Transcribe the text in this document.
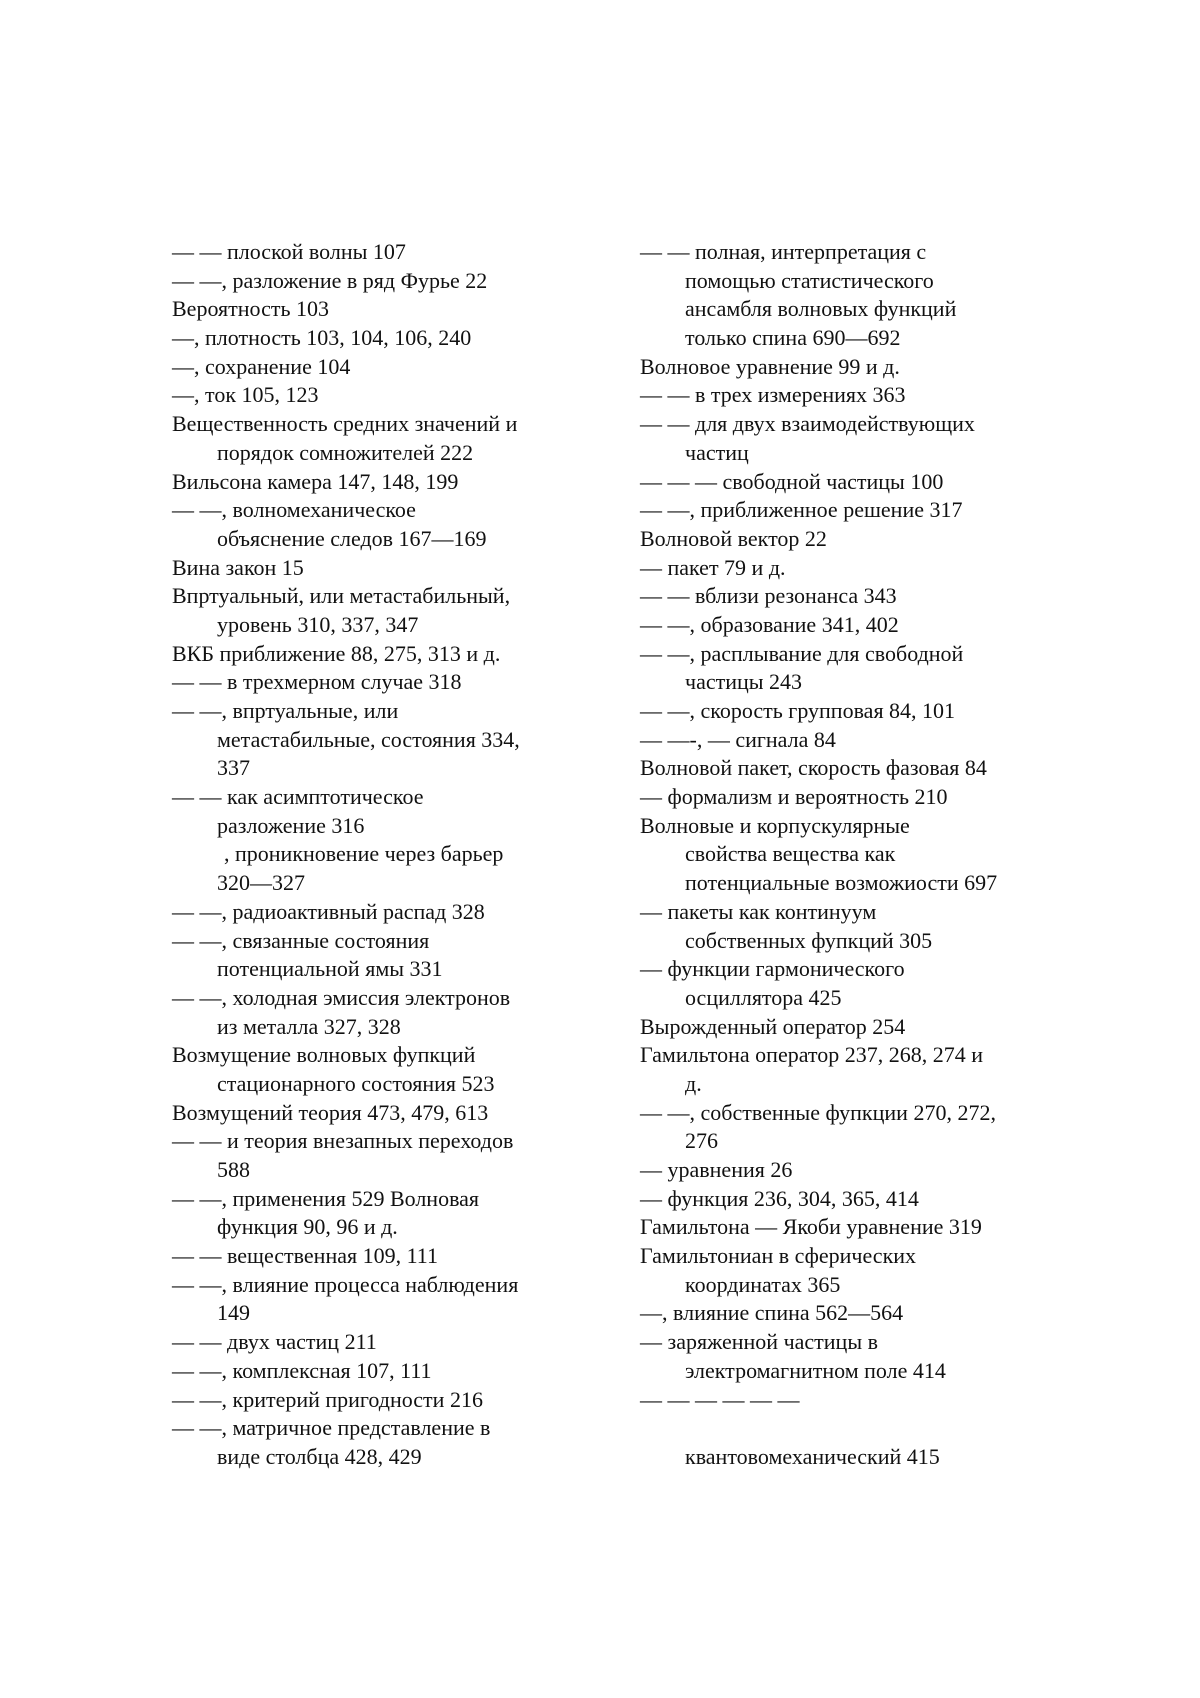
— — плоской волны 107
— —, разложение в ряд Фурье 22
Вероятность 103
—, плотность 103, 104, 106, 240
—, сохранение 104
—, ток 105, 123
Вещественность средних значений и
порядок сомножителей 222
Вильсона камера 147, 148, 199
— —, волномеханическое
объяснение следов 167—169
Вина закон 15
Впртуальный, или метастабильный,
уровень 310, 337, 347
ВКБ приближение 88, 275, 313 и д.
— — в трехмерном случае 318
— —, впртуальные, или
метастабильные, состояния 334,
337
— — как асимптотическое
разложение 316
, проникновение через барьер
320—327
— —, радиоактивный распад 328
— —, связанные состояния
потенциальной ямы 331
— —, холодная эмиссия электронов
из металла 327, 328
Возмущение волновых фупкций
стационарного состояния 523
Возмущений теория 473, 479, 613
— — и теория внезапных переходов
588
— —, применения 529 Волновая
функция 90, 96 и д.
— — вещественная 109, 111
— —, влияние процесса наблюдения
149
— — двух частиц 211
— —, комплексная 107, 111
— —, критерий пригодности 216
— —, матричное представление в
виде столбца 428, 429
— — полная, интерпретация с
помощью статистического
ансамбля волновых функций
только спина 690—692
Волновое уравнение 99 и д.
— — в трех измерениях 363
— — для двух взаимодействующих
частиц
— — — свободной частицы 100
— —, приближенное решение 317
Волновой вектор 22
— пакет 79 и д.
— — вблизи резонанса 343
— —, образование 341, 402
— —, расплывание для свободной
частицы 243
— —, скорость групповая 84, 101
— —-, — сигнала 84
Волновой пакет, скорость фазовая 84
— формализм и вероятность 210
Волновые и корпускулярные
свойства вещества как
потенциальные возможиости 697
— пакеты как континуум
собственных фупкций 305
— функции гармонического
осциллятора 425
Вырожденный оператор 254
Гамильтона оператор 237, 268, 274 и
д.
— —, собственные фупкции 270, 272,
276
— уравнения 26
— функция 236, 304, 365, 414
Гамильтона — Якоби уравнение 319
Гамильтониан в сферических
координатах 365
—, влияние спина 562—564
— заряженной частицы в
электромагнитном поле 414
— — — — — —
квантовомеханический 415
